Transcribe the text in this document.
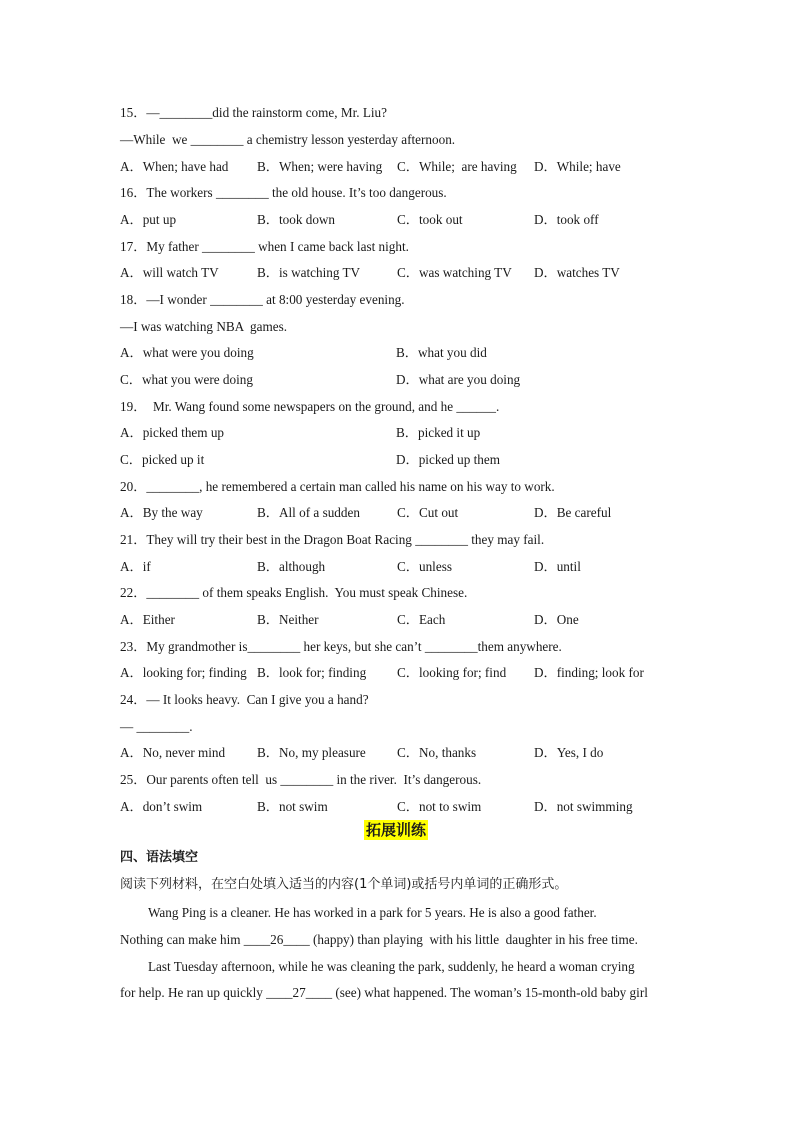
15．—________did the rainstorm come, Mr. Liu?
—While  we ________ a chemistry lesson yesterday afternoon.
A．When; have had B．When; were having C．While;  are having D．While; have
16．The workers ________ the old house. It’s too dangerous.
A．put up	B．took down	C．took out	D．took off
17．My father ________ when I came back last night.
A．will watch TV	B．is watching TV	C．was watching TV D．watches TV
18．—I wonder ________ at 8:00 yesterday evening.
—I was watching NBA  games.
A．what were you doing	B．what you did
C．what you were doing	D．what are you doing
19．  Mr. Wang found some newspapers on the ground, and he ______.
A．picked them up	B．picked it up
C．picked up it	D．picked up them
20．________, he remembered a certain man called his name on his way to work.
A．By the way	B．All of a sudden	C．Cut out	D．Be careful
21．They will try their best in the Dragon Boat Racing ________ they may fail.
A．if	B．although	C．unless	D．until
22．________ of them speaks English.  You must speak Chinese.
A．Either	B．Neither	C．Each	D．One
23．My grandmother is________ her keys, but she can’t ________them anywhere.
A．looking for; finding B．look for; finding C．looking for; find D．finding; look for
24．— It looks heavy.  Can I give you a hand?
— ________.
A．No, never mind B．No, my pleasure C．No, thanks	D．Yes, I do
25．Our parents often tell  us ________ in the river.  It’s dangerous.
A．don’t swim	B．not swim	C．not to swim	D．not swimming
拓展训练
四、语法填空
阅读下列材料，在空白处填入适当的内容(1个单词)或括号内单词的正确形式。
Wang Ping is a cleaner. He has worked in a park for 5 years. He is also a good father.
Nothing can make him ____26____ (happy) than playing  with his little  daughter in his free time.
Last Tuesday afternoon, while he was cleaning the park, suddenly, he heard a woman crying
for help. He ran up quickly ____27____ (see) what happened. The woman’s 15-month-old baby girl
